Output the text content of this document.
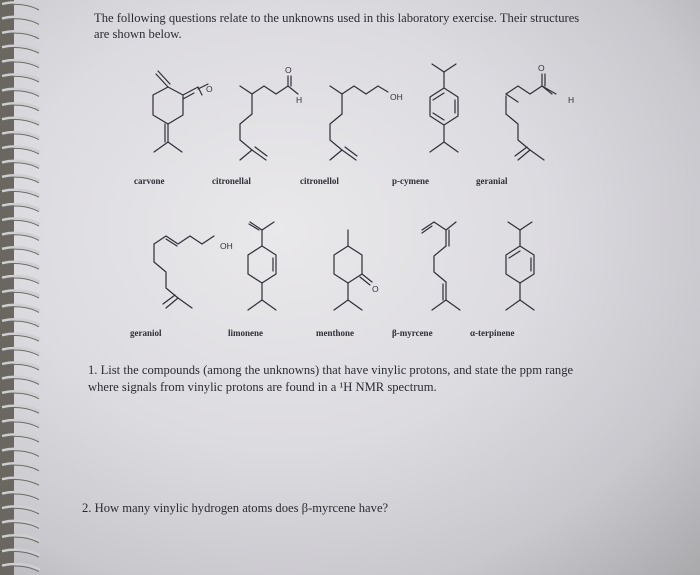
The following questions relate to the unknowns used in this laboratory exercise. Their structures
are shown below.
O
O
H	OH
O
H
OH
O
carvone	citronellal	citronellol	p-cymene	geranial
geraniol	limonene	menthone	β-myrcene	α-terpinene
1. List the compounds (among the unknowns) that have vinylic protons, and state the ppm range
where signals from vinylic protons are found in a ¹H NMR spectrum.
2. How many vinylic hydrogen atoms does β-myrcene have?
